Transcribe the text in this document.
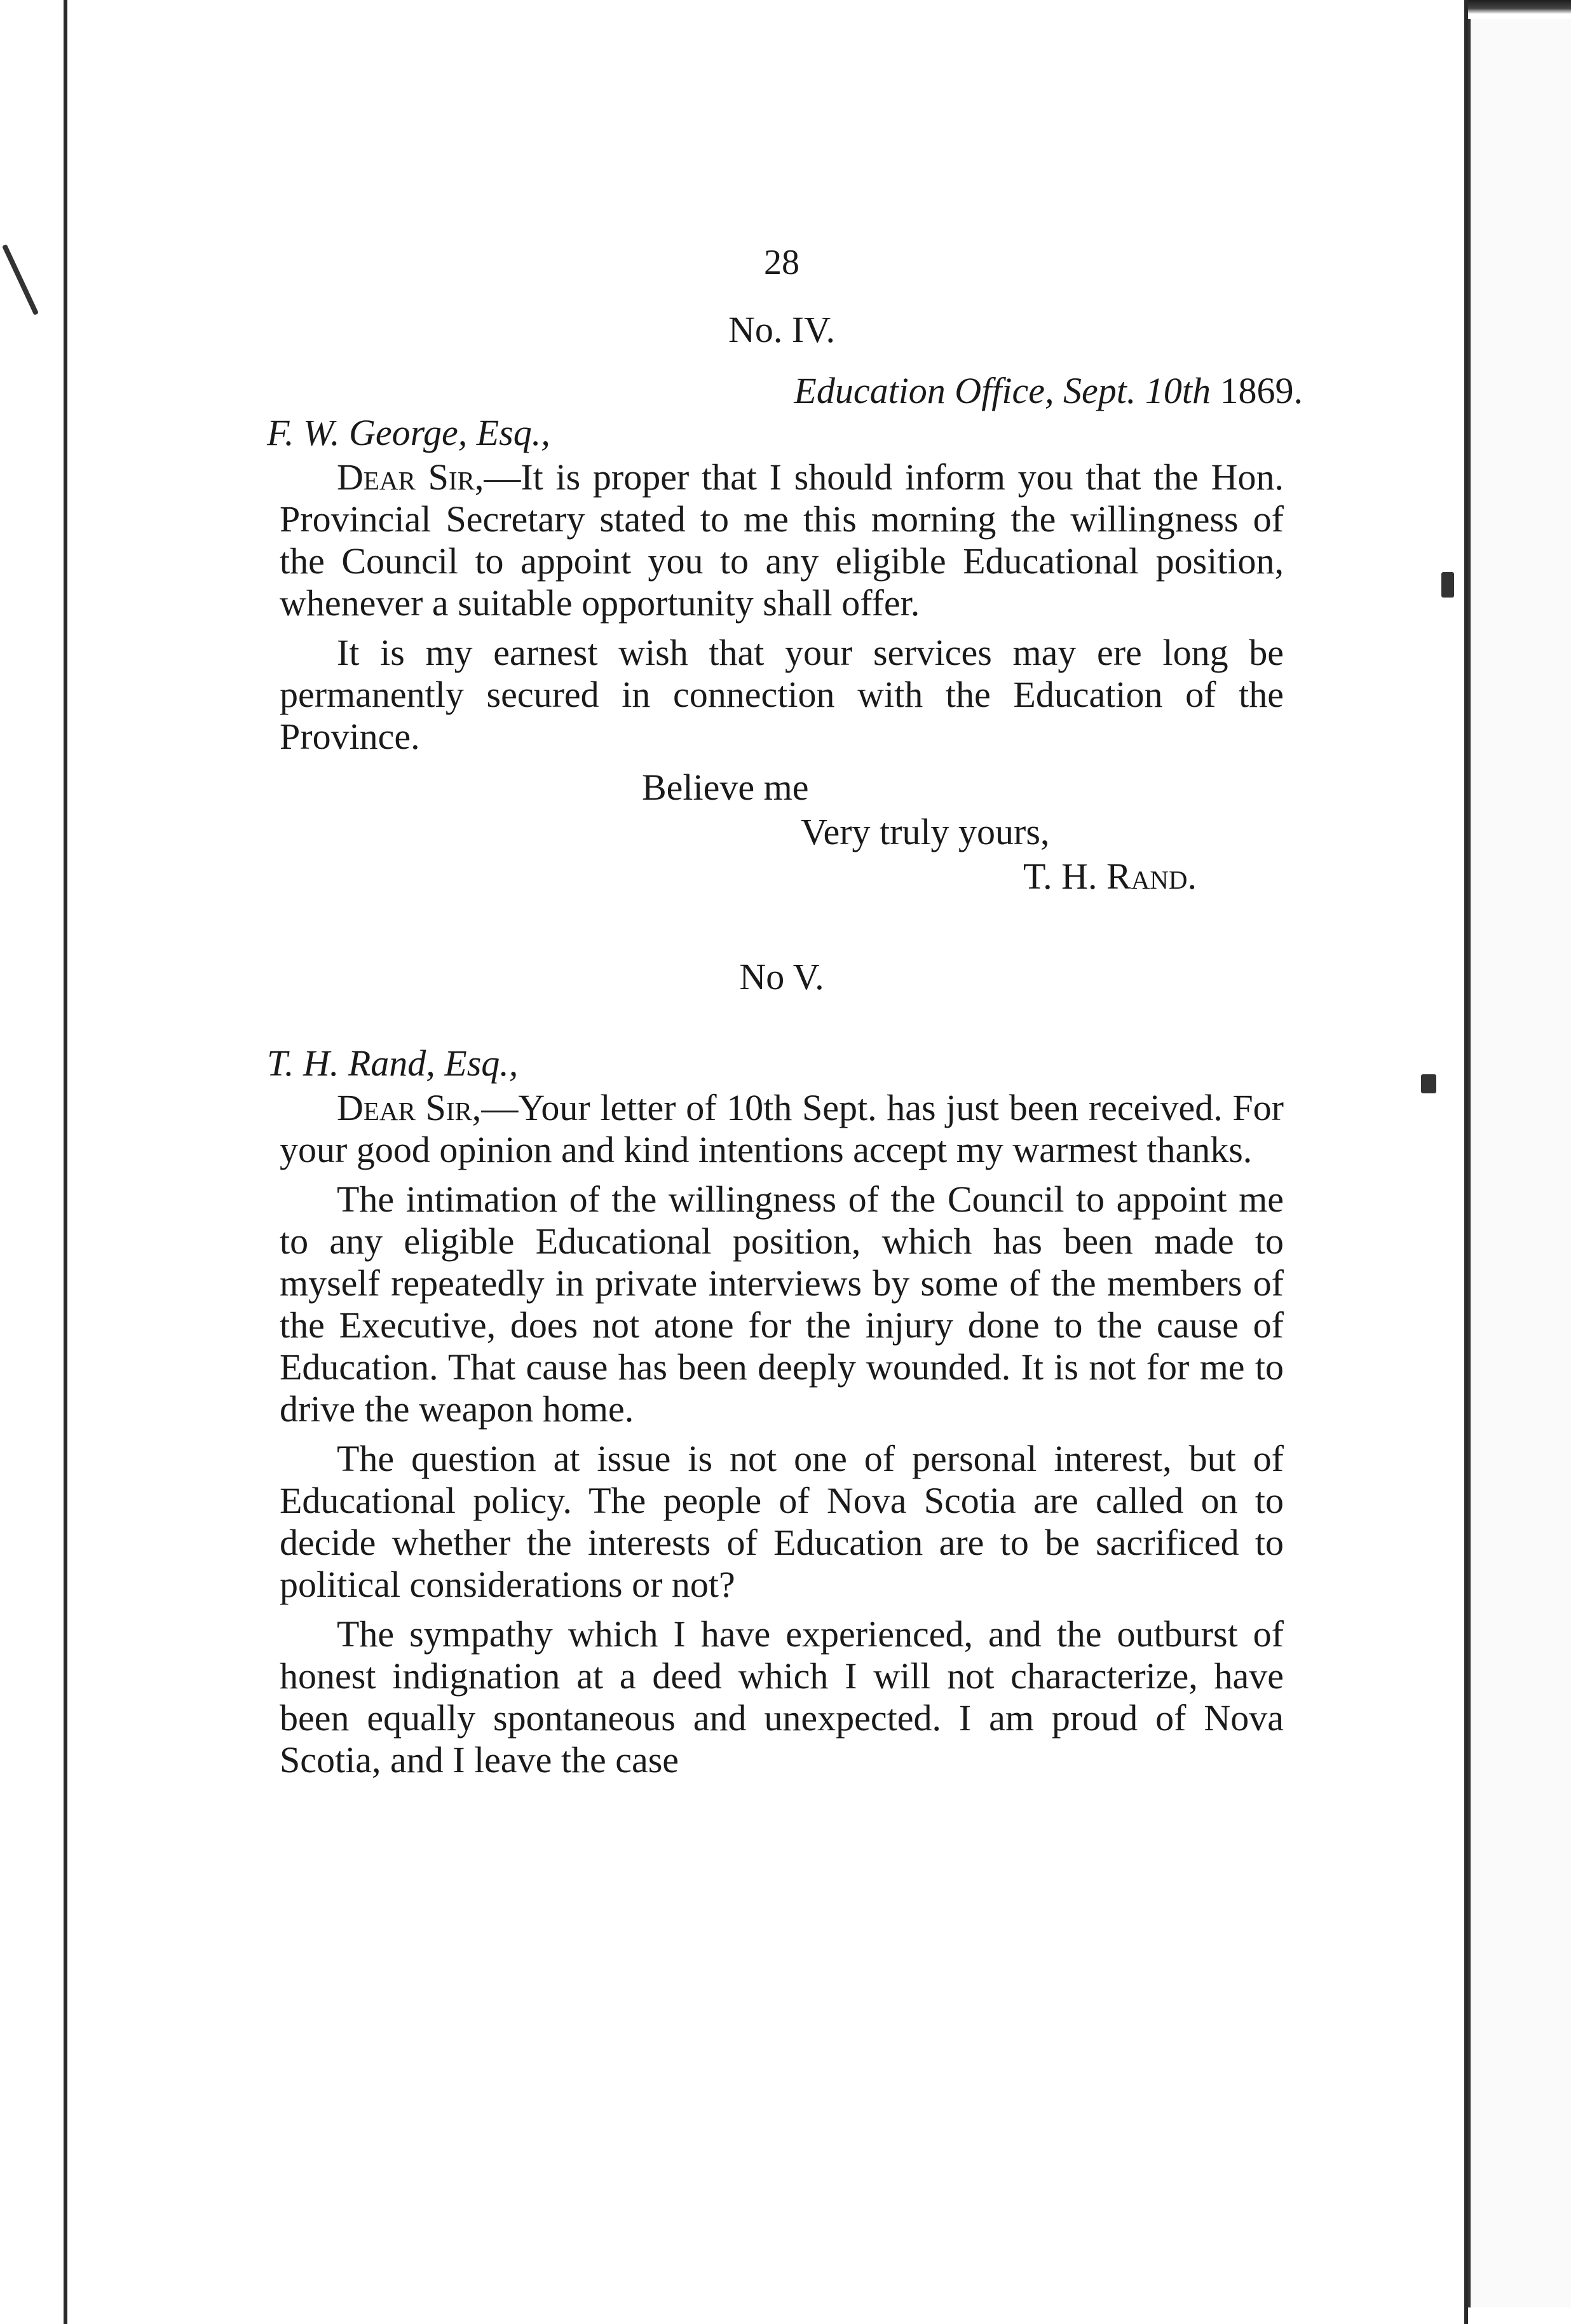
28
No. IV.
Education Office, Sept. 10th 1869.
F. W. George, Esq.,

Dear Sir,—It is proper that I should inform you that the Hon. Provincial Secretary stated to me this morning the willingness of the Council to appoint you to any eligible Educational position, whenever a suitable opportunity shall offer.

It is my earnest wish that your services may ere long be permanently secured in connection with the Education of the Province.

Believe me
Very truly yours,
T. H. Rand.
No V.
T. H. Rand, Esq.,

Dear Sir,—Your letter of 10th Sept. has just been received. For your good opinion and kind intentions accept my warmest thanks.

The intimation of the willingness of the Council to appoint me to any eligible Educational position, which has been made to myself repeatedly in private interviews by some of the members of the Executive, does not atone for the injury done to the cause of Education. That cause has been deeply wounded. It is not for me to drive the weapon home.

The question at issue is not one of personal interest, but of Educational policy. The people of Nova Scotia are called on to decide whether the interests of Education are to be sacrificed to political considerations or not?

The sympathy which I have experienced, and the outburst of honest indignation at a deed which I will not characterize, have been equally spontaneous and unexpected. I am proud of Nova Scotia, and I leave the case
